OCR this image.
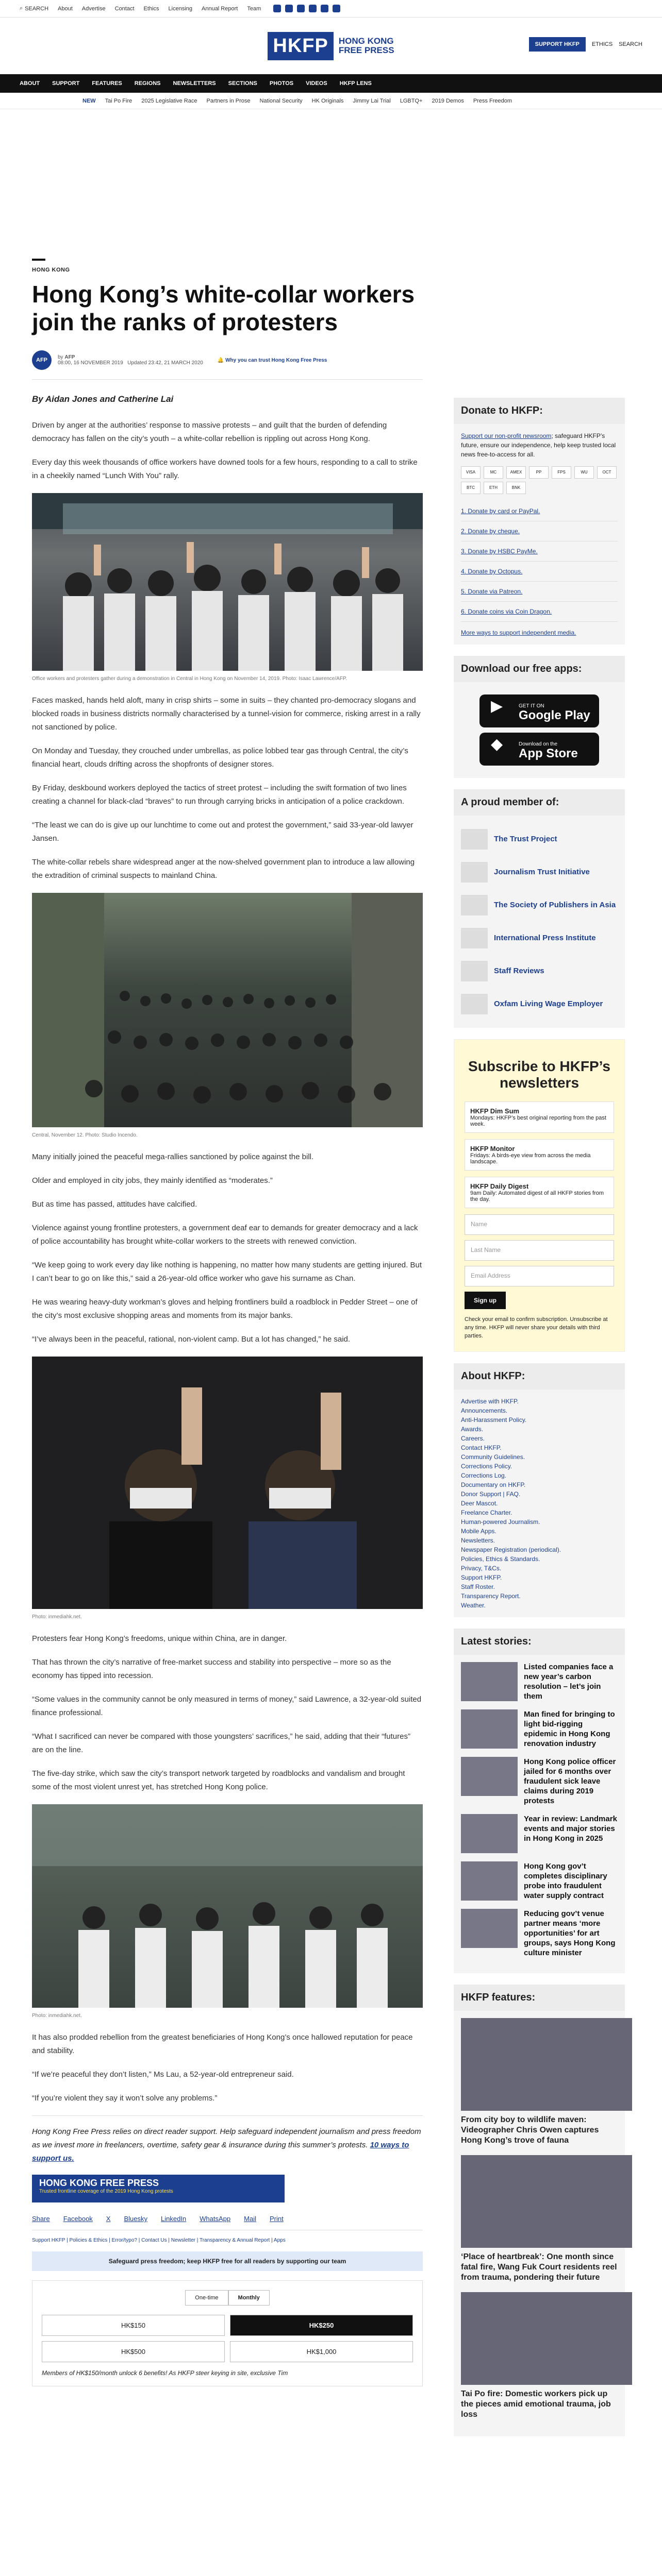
⌕ SEARCH About Advertise Contact Ethics Licensing Annual Report Team
HKFP	HONG KONG
FREE PRESS
SUPPORT HKFP	ETHICS SEARCH
ABOUT SUPPORT FEATURES REGIONS NEWSLETTERS SECTIONS PHOTOS VIDEOS HKFP LENS
NEW Tai Po Fire 2025 Legislative Race Partners in Prose National Security HK Originals Jimmy Lai Trial LGBTQ+ 2019 Demos Press Freedom
HONG KONG
Hong Kong’s white-collar workers join the ranks of protesters
AFP	by AFP
08:00, 16 NOVEMBER 2019 Updated 23:42, 21 MARCH 2020	🔔 Why you can trust Hong Kong Free Press
By Aidan Jones and Catherine Lai

Driven by anger at the authorities’ response to massive protests – and guilt that the burden of defending democracy has fallen on the city’s youth – a white-collar rebellion is rippling out across Hong Kong.

Every day this week thousands of office workers have downed tools for a few hours, responding to a call to strike in a cheekily named “Lunch With You” rally.

Office workers and protesters gather during a demonstration in Central in Hong Kong on November 14, 2019. Photo: Isaac Lawrence/AFP.

Faces masked, hands held aloft, many in crisp shirts – some in suits – they chanted pro-democracy slogans and blocked roads in business districts normally characterised by a tunnel-vision for commerce, risking arrest in a rally not sanctioned by police.

On Monday and Tuesday, they crouched under umbrellas, as police lobbed tear gas through Central, the city’s financial heart, clouds drifting across the shopfronts of designer stores.

By Friday, deskbound workers deployed the tactics of street protest – including the swift formation of two lines creating a channel for black-clad “braves” to run through carrying bricks in anticipation of a police crackdown.

“The least we can do is give up our lunchtime to come out and protest the government,” said 33-year-old lawyer Jansen.

The white-collar rebels share widespread anger at the now-shelved government plan to introduce a law allowing the extradition of criminal suspects to mainland China.

Central, November 12. Photo: Studio Incendo.

Many initially joined the peaceful mega-rallies sanctioned by police against the bill.

Older and employed in city jobs, they mainly identified as “moderates.”

But as time has passed, attitudes have calcified.

Violence against young frontline protesters, a government deaf ear to demands for greater democracy and a lack of police accountability has brought white-collar workers to the streets with renewed conviction.

“We keep going to work every day like nothing is happening, no matter how many students are getting injured. But I can’t bear to go on like this,” said a 26-year-old office worker who gave his surname as Chan.

He was wearing heavy-duty workman’s gloves and helping frontliners build a roadblock in Pedder Street – one of the city’s most exclusive shopping areas and moments from its major banks.

“I’ve always been in the peaceful, rational, non-violent camp. But a lot has changed,” he said.

Photo: inmediahk.net.

Protesters fear Hong Kong’s freedoms, unique within China, are in danger.

That has thrown the city’s narrative of free-market success and stability into perspective – more so as the economy has tipped into recession.

“Some values in the community cannot be only measured in terms of money,” said Lawrence, a 32-year-old suited finance professional.

“What I sacrificed can never be compared with those youngsters’ sacrifices,” he said, adding that their “futures” are on the line.

The five-day strike, which saw the city’s transport network targeted by roadblocks and vandalism and brought some of the most violent unrest yet, has stretched Hong Kong police.

Photo: inmediahk.net.

It has also prodded rebellion from the greatest beneficiaries of Hong Kong’s once hallowed reputation for peace and stability.

“If we’re peaceful they don’t listen,” Ms Lau, a 52-year-old entrepreneur said.

“If you’re violent they say it won’t solve any problems.”

Hong Kong Free Press relies on direct reader support. Help safeguard independent journalism and press freedom as we invest more in freelancers, overtime, safety gear & insurance during this summer’s protests. 10 ways to support us.
HONG KONG FREE PRESS
Trusted frontline coverage of the 2019 Hong Kong protests
Share Facebook X Bluesky LinkedIn WhatsApp Mail Print
Support HKFP | Policies & Ethics | Error/typo? | Contact Us | Newsletter | Transparency & Annual Report | Apps
Safeguard press freedom; keep HKFP free for all readers by supporting our team
One-time	Monthly
HK$150	HK$250
HK$500	HK$1,000
Members of HK$150/month unlock 6 benefits! As HKFP steer keying in site, exclusive Tim
Donate to HKFP:
Support our non-profit newsroom; safeguard HKFP’s future, ensure our independence, help keep trusted local news free-to-access for all.
VISA	MC	AMEX	PP	FPS	WU	OCT
BTC	ETH	BNK
1. Donate by card or PayPal.
2. Donate by cheque.
3. Donate by HSBC PayMe.
4. Donate by Octopus.
5. Donate via Patreon.
6. Donate coins via Coin Dragon.
More ways to support independent media.
Download our free apps:
▶	GET IT ON
Google Play
◆	Download on the
App Store
A proud member of:
The Trust Project
Journalism Trust Initiative
The Society of Publishers in Asia
International Press Institute
Staff Reviews
Oxfam Living Wage Employer
Subscribe to HKFP’s newsletters
HKFP Dim Sum
Mondays: HKFP’s best original reporting from the past week.
HKFP Monitor
Fridays: A birds-eye view from across the media landscape.
HKFP Daily Digest
9am Daily: Automated digest of all HKFP stories from the day.
Name
Last Name
Email Address
Sign up
Check your email to confirm subscription. Unsubscribe at any time. HKFP will never share your details with third parties.
About HKFP:
Advertise with HKFP.
Announcements.
Anti-Harassment Policy.
Awards.
Careers.
Contact HKFP.
Community Guidelines.
Corrections Policy.
Corrections Log.
Documentary on HKFP.
Donor Support | FAQ.
Deer Mascot.
Freelance Charter.
Human-powered Journalism.
Mobile Apps.
Newsletters.
Newspaper Registration (periodical).
Policies, Ethics & Standards.
Privacy, T&Cs.
Support HKFP.
Staff Roster.
Transparency Report.
Weather.
Latest stories:
Listed companies face a new year’s carbon resolution – let’s join them
Man fined for bringing to light bid-rigging epidemic in Hong Kong renovation industry
Hong Kong police officer jailed for 6 months over fraudulent sick leave claims during 2019 protests
Year in review: Landmark events and major stories in Hong Kong in 2025
Hong Kong gov’t completes disciplinary probe into fraudulent water supply contract
Reducing gov’t venue partner means ‘more opportunities’ for art groups, says Hong Kong culture minister
HKFP features:
From city boy to wildlife maven: Videographer Chris Owen captures Hong Kong’s trove of fauna
‘Place of heartbreak’: One month since fatal fire, Wang Fuk Court residents reel from trauma, pondering their future
Tai Po fire: Domestic workers pick up the pieces amid emotional trauma, job loss
